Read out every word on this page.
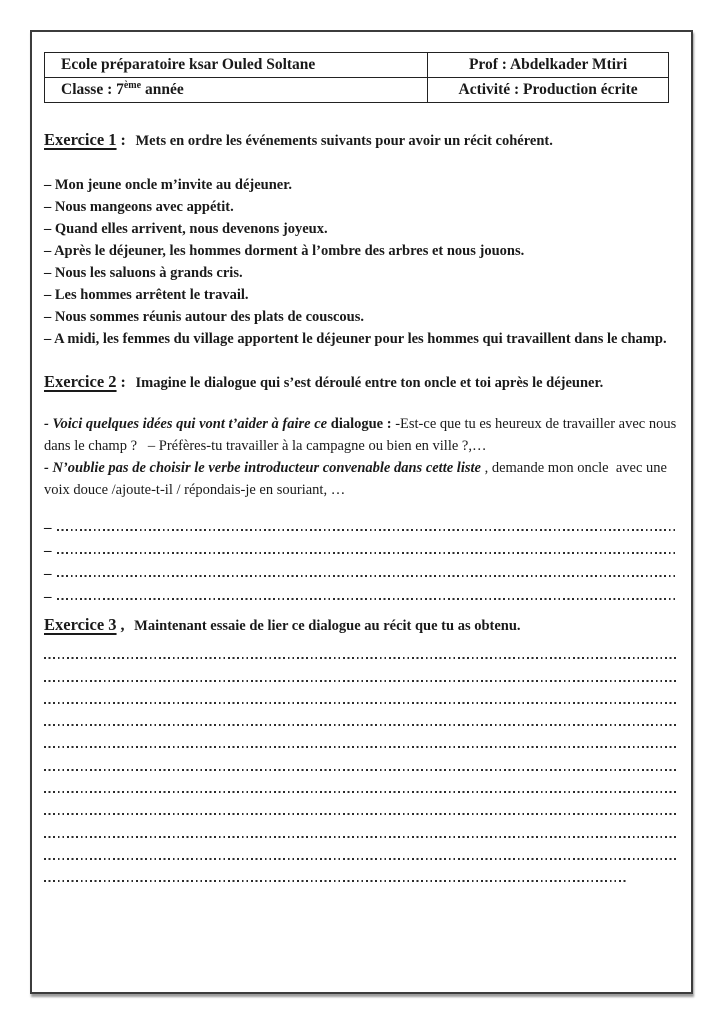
Ecole préparatoire ksar Ouled Soltane	Prof : Abdelkader Mtiri
Classe : 7ème année	Activité : Production écrite
Exercice 1 : Mets en ordre les événements suivants pour avoir un récit cohérent.

– Mon jeune oncle m’invite au déjeuner.

– Nous mangeons avec appétit.

– Quand elles arrivent, nous devenons joyeux.

– Après le déjeuner, les hommes dorment à l’ombre des arbres et nous jouons.

– Nous les saluons à grands cris.

– Les hommes arrêtent le travail.

– Nous sommes réunis autour des plats de couscous.

– A midi, les femmes du village apportent le déjeuner pour les hommes qui travaillent dans le champ.

Exercice 2 : Imagine le dialogue qui s’est déroulé entre ton oncle et toi après le déjeuner.

- Voici quelques idées qui vont t’aider à faire ce dialogue : -Est-ce que tu es heureux de travailler avec nous dans le champ ?   – Préfères-tu travailler à la campagne ou bien en ville ?,…

- N’oublie pas de choisir le verbe introducteur convenable dans cette liste , demande mon oncle  avec une voix douce /ajoute-t-il / répondais-je en souriant, …

–
–
–
–
Exercice 3 , Maintenant essaie de lier ce dialogue au récit que tu as obtenu.
